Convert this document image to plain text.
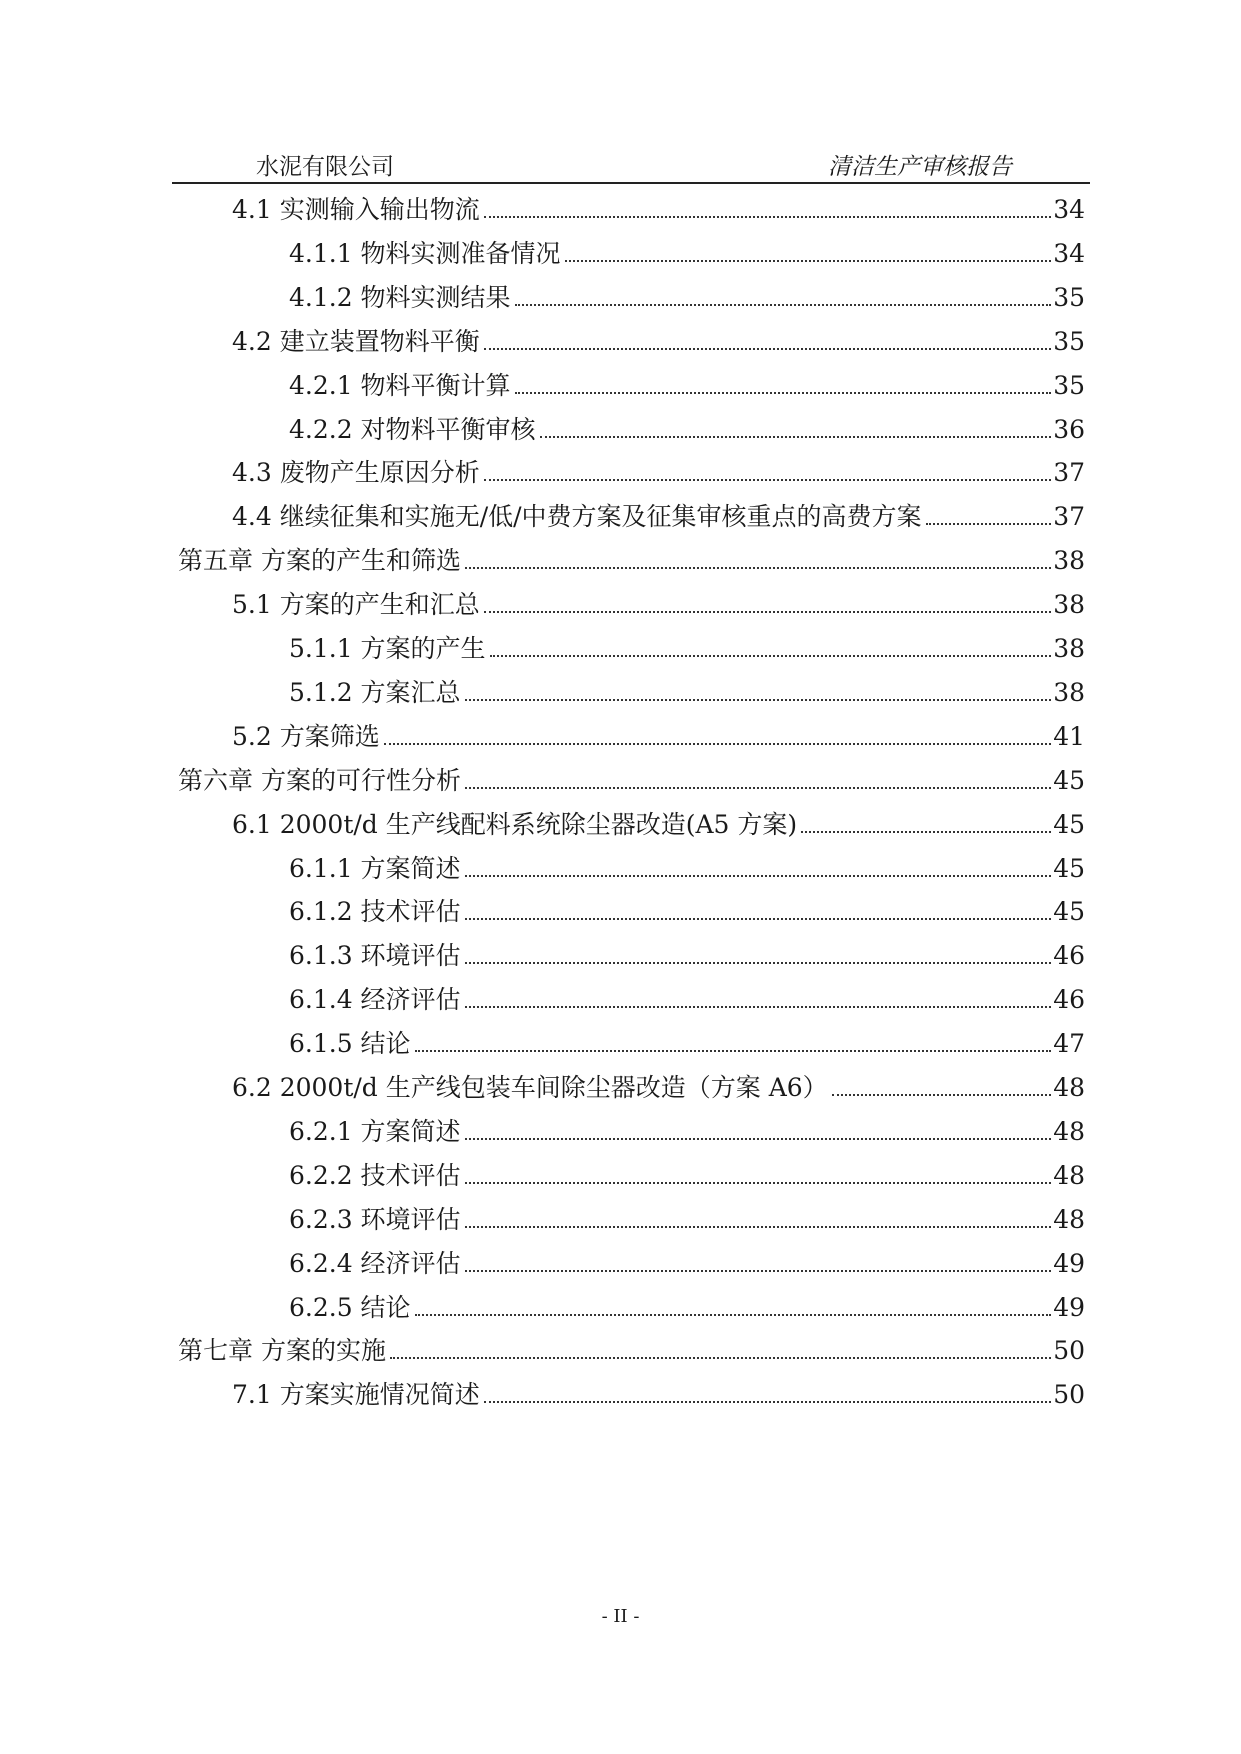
水泥有限公司	清洁生产审核报告
4.1 实测输入输出物流	34
4.1.1 物料实测准备情况	34
4.1.2 物料实测结果	35
4.2 建立装置物料平衡	35
4.2.1 物料平衡计算	35
4.2.2 对物料平衡审核	36
4.3 废物产生原因分析	37
4.4 继续征集和实施无/低/中费方案及征集审核重点的高费方案	37
第五章 方案的产生和筛选	38
5.1 方案的产生和汇总	38
5.1.1 方案的产生	38
5.1.2 方案汇总	38
5.2 方案筛选	41
第六章 方案的可行性分析	45
6.1 2000t/d 生产线配料系统除尘器改造(A5 方案)	45
6.1.1 方案简述	45
6.1.2 技术评估	45
6.1.3 环境评估	46
6.1.4 经济评估	46
6.1.5 结论	47
6.2 2000t/d 生产线包装车间除尘器改造（方案 A6）	48
6.2.1 方案简述	48
6.2.2 技术评估	48
6.2.3 环境评估	48
6.2.4 经济评估	49
6.2.5 结论	49
第七章 方案的实施	50
7.1 方案实施情况简述	50
- II -
